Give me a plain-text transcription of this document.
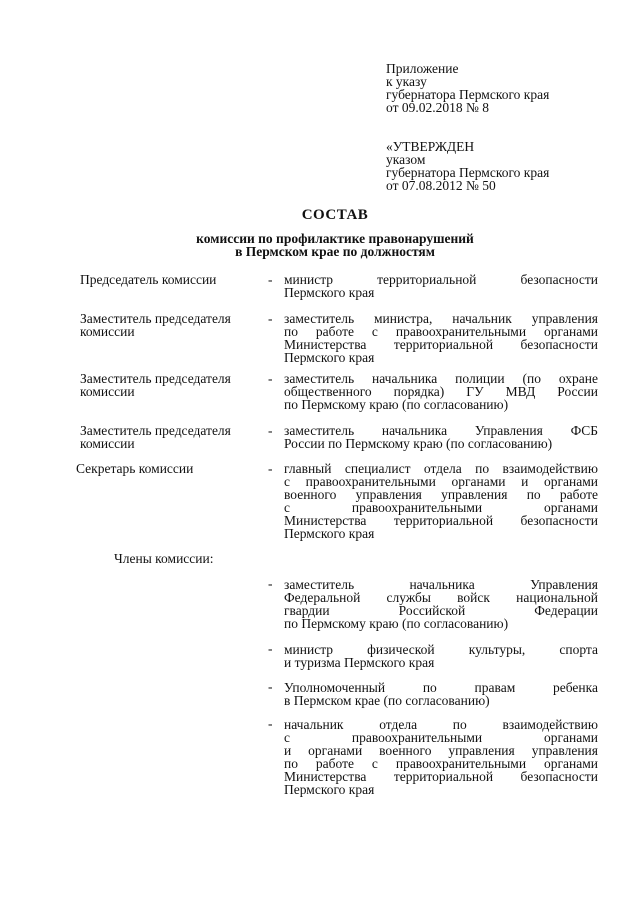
Приложение
к указу
губернатора Пермского края
от 09.02.2018 № 8
«УТВЕРЖДЕН
указом
губернатора Пермского края
от 07.08.2012 № 50
СОСТАВ
комиссии по профилактике правонарушений
в Пермском крае по должностям
Председатель комиссии	- министр территориальной безопасности
Пермского края
Заместитель председателя
комиссии
- заместитель министра, начальник управления
по работе с правоохранительными органами
Министерства территориальной безопасности
Пермского края
Заместитель председателя
комиссии
- заместитель начальника полиции (по охране
общественного порядка) ГУ МВД России
по Пермскому краю (по согласованию)
Заместитель председателя
комиссии
- заместитель начальника Управления ФСБ
России по Пермскому краю (по согласованию)
Секретарь комиссии	- главный специалист отдела по взаимодействию
с правоохранительными органами и органами
военного управления управления по работе
с правоохранительными органами
Министерства территориальной безопасности
Пермского края
Члены комиссии:
- заместитель начальника Управления
Федеральной службы войск национальной
гвардии Российской Федерации
по Пермскому краю (по согласованию)
- министр физической культуры, спорта
и туризма Пермского края
- Уполномоченный по правам ребенка
в Пермском крае (по согласованию)
- начальник отдела по взаимодействию
с правоохранительными органами
и органами военного управления управления
по работе с правоохранительными органами
Министерства территориальной безопасности
Пермского края
